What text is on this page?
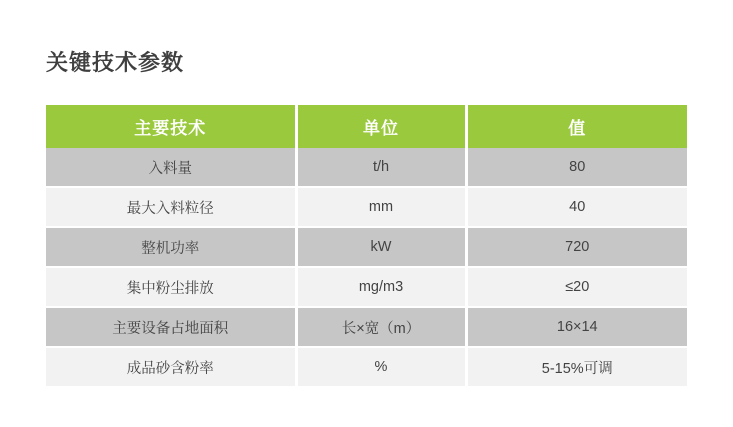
关键技术参数
主要技术	单位	值
入料量	t/h	80
最大入料粒径	mm	40
整机功率	kW	720
集中粉尘排放	mg/m3	≤20
主要设备占地面积	长×宽（m）	16×14
成品砂含粉率	%	5-15%可调
